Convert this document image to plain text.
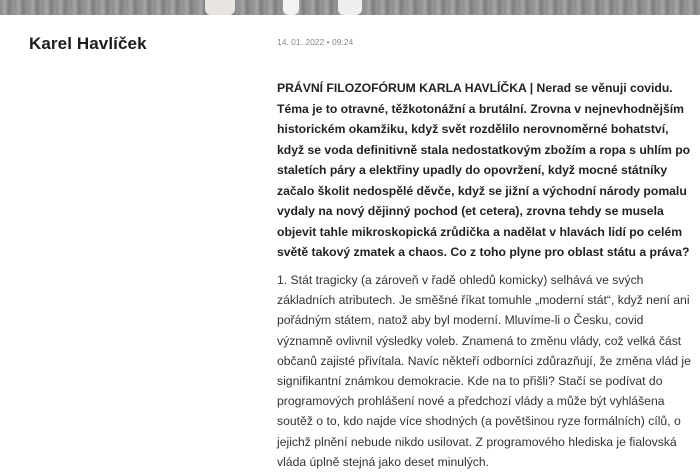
Karel Havlíček	14. 01. 2022 • 09:24

PRÁVNÍ FILOZOFÓRUM KARLA HAVLÍČKA | Nerad se věnuji covidu. Téma je to otravné, těžkotonážní a brutální. Zrovna v nejnevhodnějším historickém okamžiku, když svět rozdělilo nerovnoměrné bohatství, když se voda definitivně stala nedostatkovým zbožím a ropa s uhlím po staletích páry a elektřiny upadly do opovržení, když mocné státníky začalo školit nedospělé děvče, když se jižní a východní národy pomalu vydaly na nový dějinný pochod (et cetera), zrovna tehdy se musela objevit tahle mikroskopická zrůdička a nadělat v hlavách lidí po celém světě takový zmatek a chaos. Co z toho plyne pro oblast státu a práva?

1. Stát tragicky (a zároveň v řadě ohledů komicky) selhává ve svých základních atributech. Je směšné říkat tomuhle „moderní stát“, když není ani pořádným státem, natož aby byl moderní. Mluvíme-li o Česku, covid významně ovlivnil výsledky voleb. Znamená to změnu vlády, což velká část občanů zajisté přivítala. Navíc někteří odborníci zdůrazňují, že změna vlád je signifikantní známkou demokracie. Kde na to přišli? Stačí se podívat do programových prohlášení nové a předchozí vlády a může být vyhlášena soutěž o to, kdo najde více shodných (a povětšinou ryze formálních) cílů, o jejichž plnění nebude nikdo usilovat. Z programového hlediska je fialovská vláda úplně stejná jako deset minulých.
